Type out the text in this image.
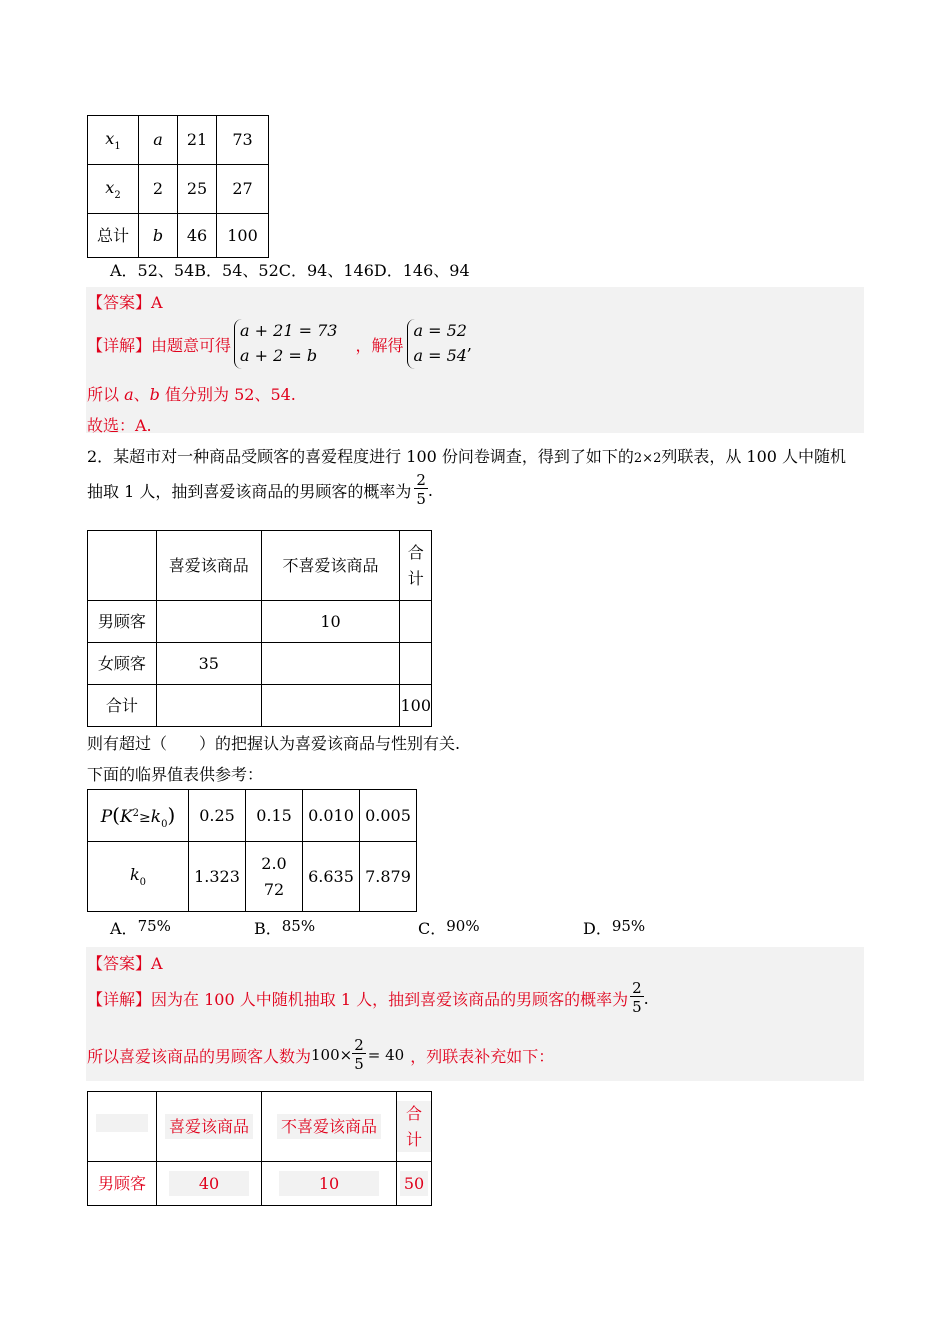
$x_1$	a	21	73
$x_2$	2	25	27
总计	b	46	100
A．52、54B．54、52C．94、146D．146、94
【答案】A
【详解】 由题意可得
a + 21 = 73
a + 2 = b
，解得
a = 52
a = 54
,
所以 a、b 值分别为 52、54.
故选：A.
2．某超市对一种商品受顾客的喜爱程度进行 100 份问卷调查，得到了如下的2×2列联表，从 100 人中随机
抽取 1 人，抽到喜爱该商品的男顾客的概率为 $\frac{2}{5}$ .
	喜爱该商品	不喜爱该商品	合计
男顾客		10	
女顾客	35		
合计			100
则有超过（　　）的把握认为喜爱该商品与性别有关.
下面的临界值表供参考：
$P(K^2\ge k_0)$	0.25	0.15	0.010	0.005
$k_0$	1.323	2.072	6.635	7.879
A．75%	B．85%	C．90%	D．95%
【答案】A
【详解】 因为在 100 人中随机抽取 1 人，抽到喜爱该商品的男顾客的概率为 $\frac{2}{5}$ .
所以喜爱该商品的男顾客人数为 $100\times \frac{2}{5} = 40$ ，列联表补充如下：
	喜爱该商品	不喜爱该商品	合计
男顾客	40	10	50
